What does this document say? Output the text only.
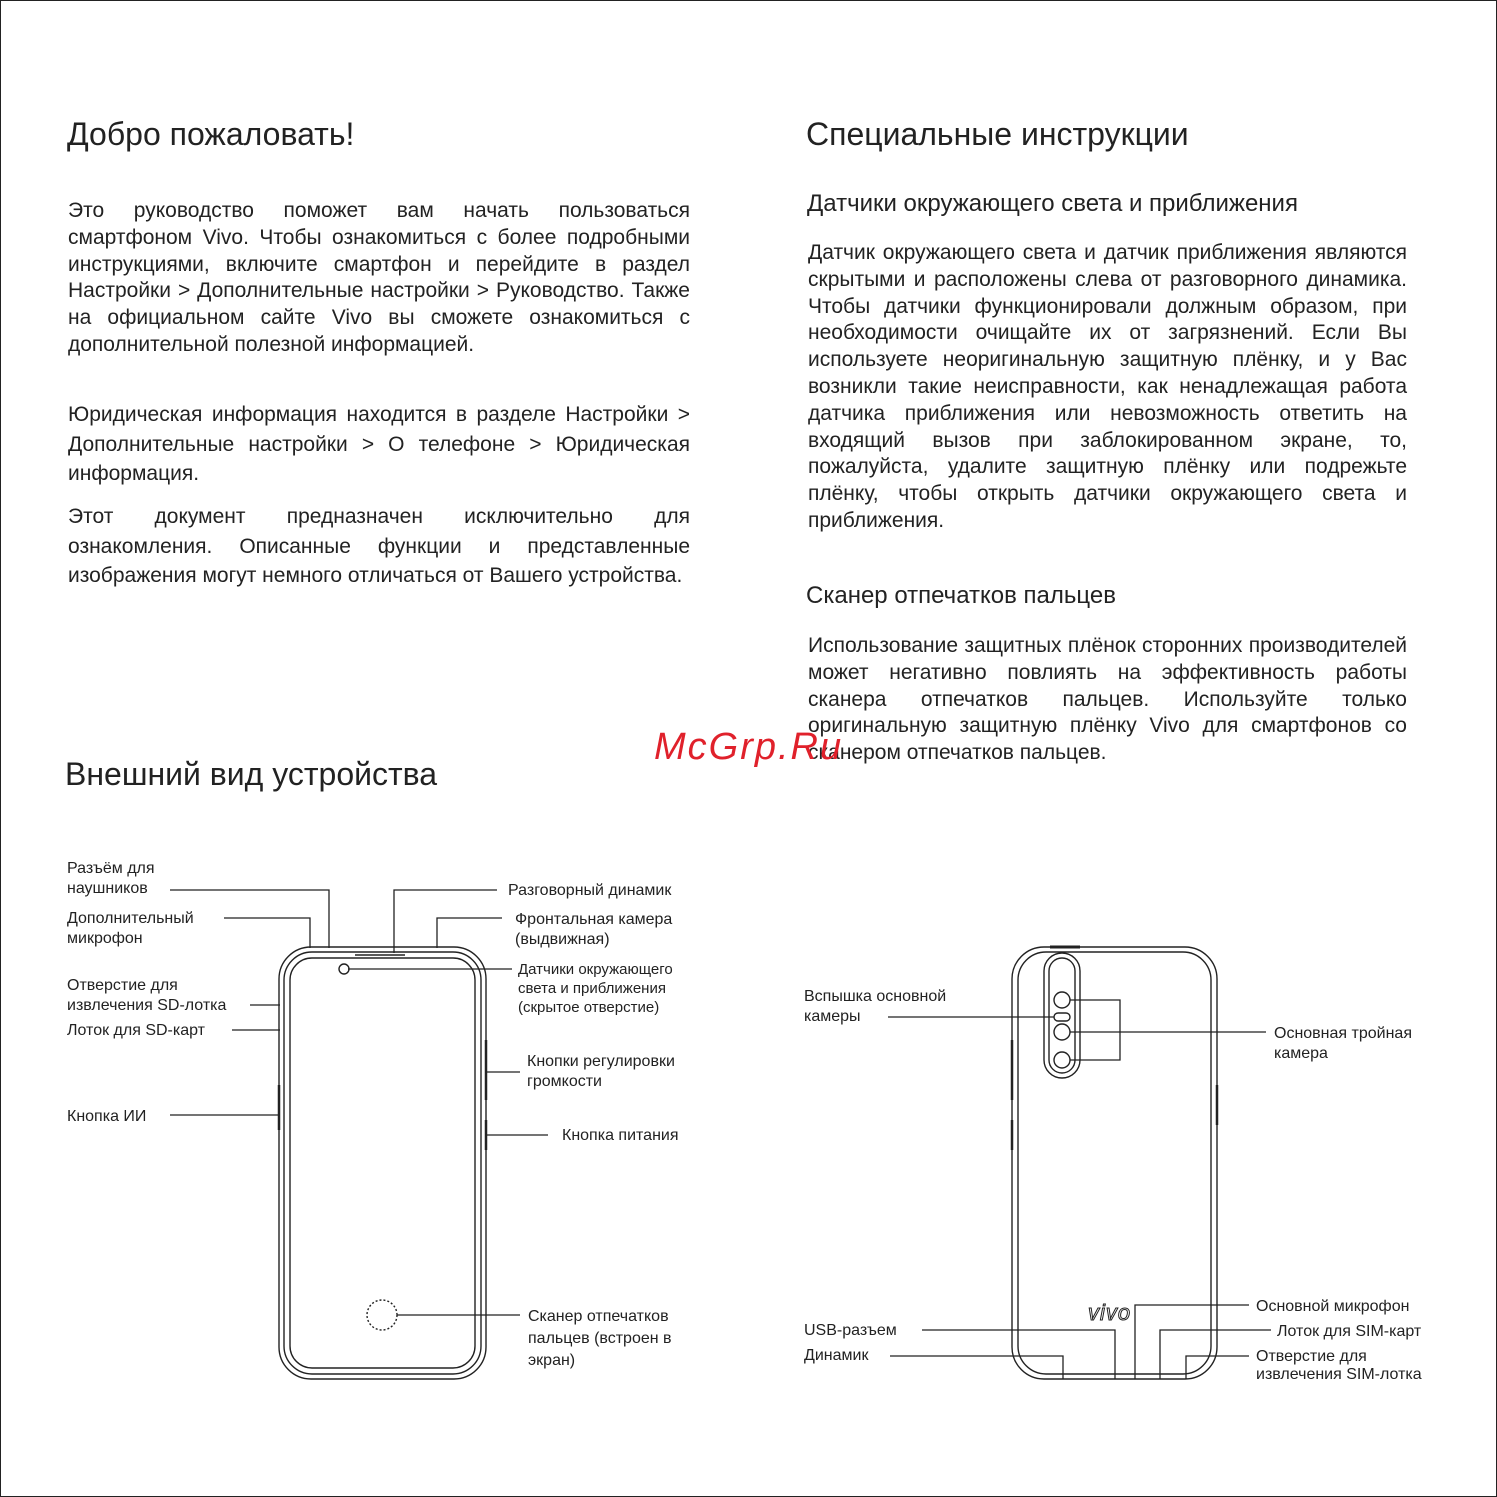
Добро пожаловать!

Это руководство поможет вам начать пользоваться смартфоном Vivo. Чтобы ознакомиться с более подробными инструкциями, включите смартфон и перейдите в раздел Настройки > Дополнительные настройки > Руководство. Также на официальном сайте Vivo вы сможете ознакомиться с дополнительной полезной информацией.

Юридическая информация находится в разделе Настройки > Дополнительные настройки > О телефоне > Юридическая информация.

Этот документ предназначен исключительно для ознакомления. Описанные функции и представленные изображения могут немного отличаться от Вашего устройства.

Внешний вид устройства
Специальные инструкции
Датчики окружающего света и приближения

Датчик окружающего света и датчик приближения являются скрытыми и расположены слева от разговорного динамика. Чтобы датчики функционировали должным образом, при необходимости очищайте их от загрязнений. Если Вы используете неоригинальную защитную плёнку, и у Вас возникли такие неисправности, как ненадлежащая работа датчика приближения или невозможность ответить на входящий вызов при заблокированном экране, то, пожалуйста, удалите защитную плёнку или подрежьте плёнку, чтобы открыть датчики окружающего света и приближения.

Сканер отпечатков пальцев

Использование защитных плёнок сторонних производителей может негативно повлиять на эффективность работы сканера отпечатков пальцев. Используйте только оригинальную защитную плёнку Vivo для смартфонов со сканером отпечатков пальцев.

McGrp.Ru
vivo
Разъём для
наушников
Дополнительный
микрофон
Отверстие для
извлечения SD-лотка
Лоток для SD-карт
Кнопка ИИ
Разговорный динамик
Фронтальная камера
(выдвижная)
Датчики окружающего
света и приближения
(скрытое отверстие)
Кнопки регулировки
громкости
Кнопка питания
Сканер отпечатков
пальцев (встроен в
экран)
Вспышка основной
камеры
Основная тройная
камера
Основной микрофон
USB-разъем	Лоток для SIM-карт
Динамик	Отверстие для
извлечения SIM-лотка
